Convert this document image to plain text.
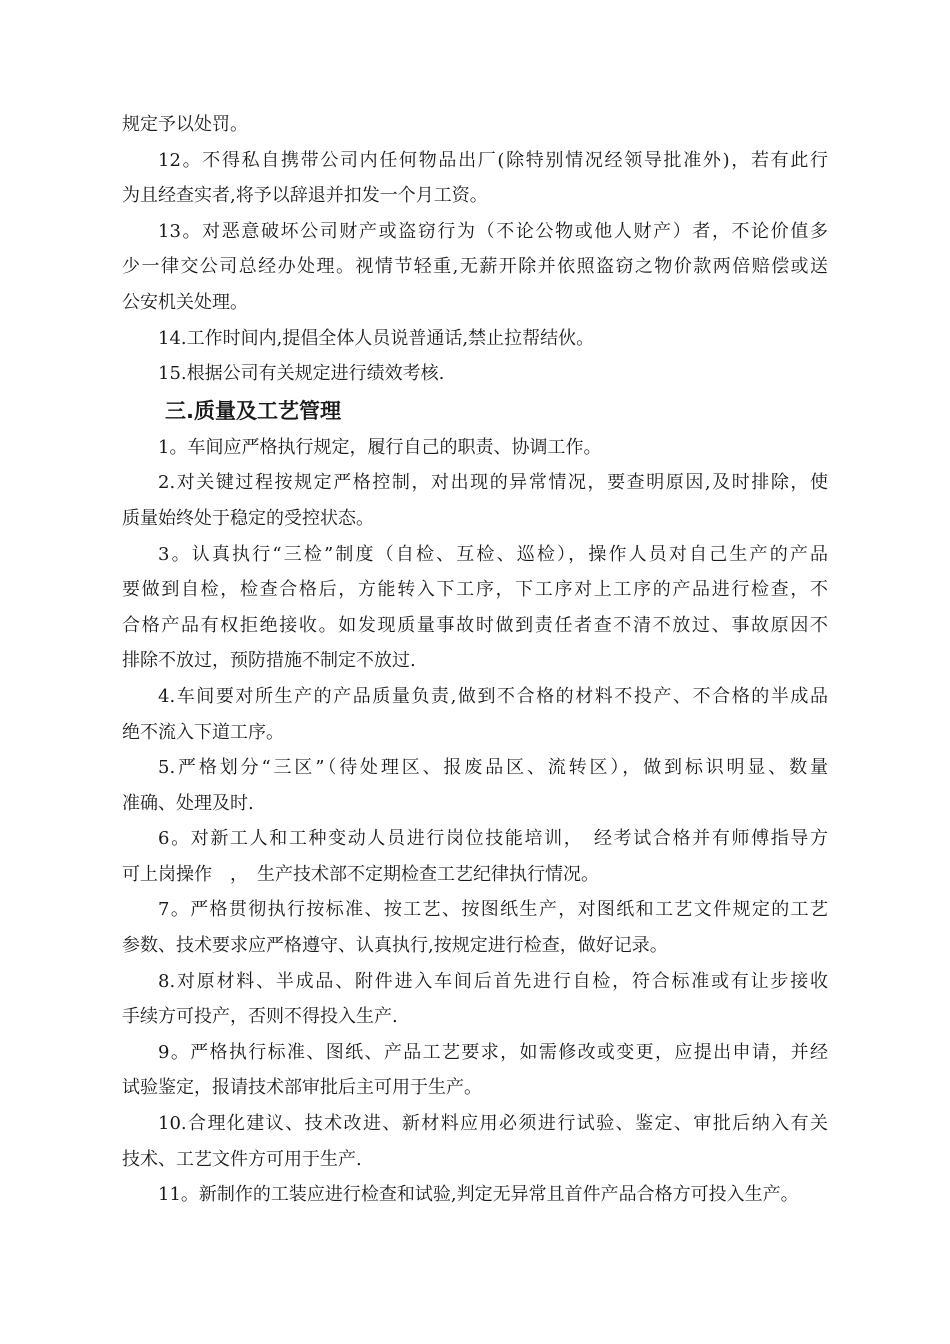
规定予以处罚。
12。不得私自携带公司内任何物品出厂(除特别情况经领导批准外)，若有此行
为且经查实者,将予以辞退并扣发一个月工资。
13。对恶意破坏公司财产或盗窃行为（不论公物或他人财产）者，不论价值多
少一律交公司总经办处理。视情节轻重,无薪开除并依照盗窃之物价款两倍赔偿或送
公安机关处理。
14.工作时间内,提倡全体人员说普通话,禁止拉帮结伙。
15.根据公司有关规定进行绩效考核.
三.质量及工艺管理
1。车间应严格执行规定，履行自己的职责、协调工作。
2.对关键过程按规定严格控制，对出现的异常情况，要查明原因,及时排除，使
质量始终处于稳定的受控状态。
3。认真执行“三检”制度（自检、互检、巡检），操作人员对自己生产的产品
要做到自检，检查合格后，方能转入下工序，下工序对上工序的产品进行检查，不
合格产品有权拒绝接收。如发现质量事故时做到责任者查不清不放过、事故原因不
排除不放过，预防措施不制定不放过.
4.车间要对所生产的产品质量负责,做到不合格的材料不投产、不合格的半成品
绝不流入下道工序。
5.严格划分“三区”（待处理区、报废品区、流转区），做到标识明显、数量
准确、处理及时.
6。对新工人和工种变动人员进行岗位技能培训，　经考试合格并有师傅指导方
可上岗操作　，　生产技术部不定期检查工艺纪律执行情况。
7。严格贯彻执行按标准、按工艺、按图纸生产，对图纸和工艺文件规定的工艺
参数、技术要求应严格遵守、认真执行,按规定进行检查，做好记录。
8.对原材料、半成品、附件进入车间后首先进行自检，符合标准或有让步接收
手续方可投产，否则不得投入生产.
9。严格执行标准、图纸、产品工艺要求，如需修改或变更，应提出申请，并经
试验鉴定，报请技术部审批后主可用于生产。
10.合理化建议、技术改进、新材料应用必须进行试验、鉴定、审批后纳入有关
技术、工艺文件方可用于生产.
11。新制作的工装应进行检查和试验,判定无异常且首件产品合格方可投入生产。
